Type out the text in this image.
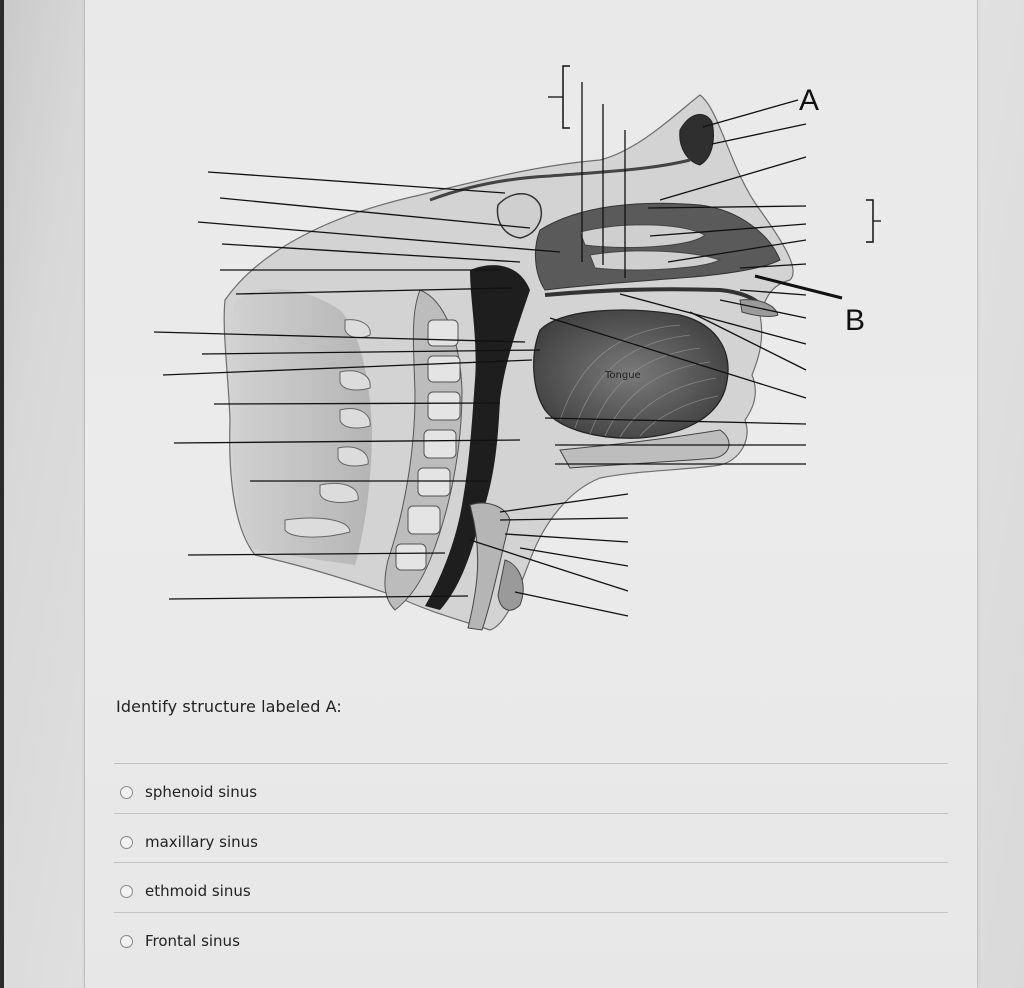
Tongue
A
B
Identify structure labeled A:
sphenoid sinus
maxillary sinus
ethmoid sinus
Frontal sinus
